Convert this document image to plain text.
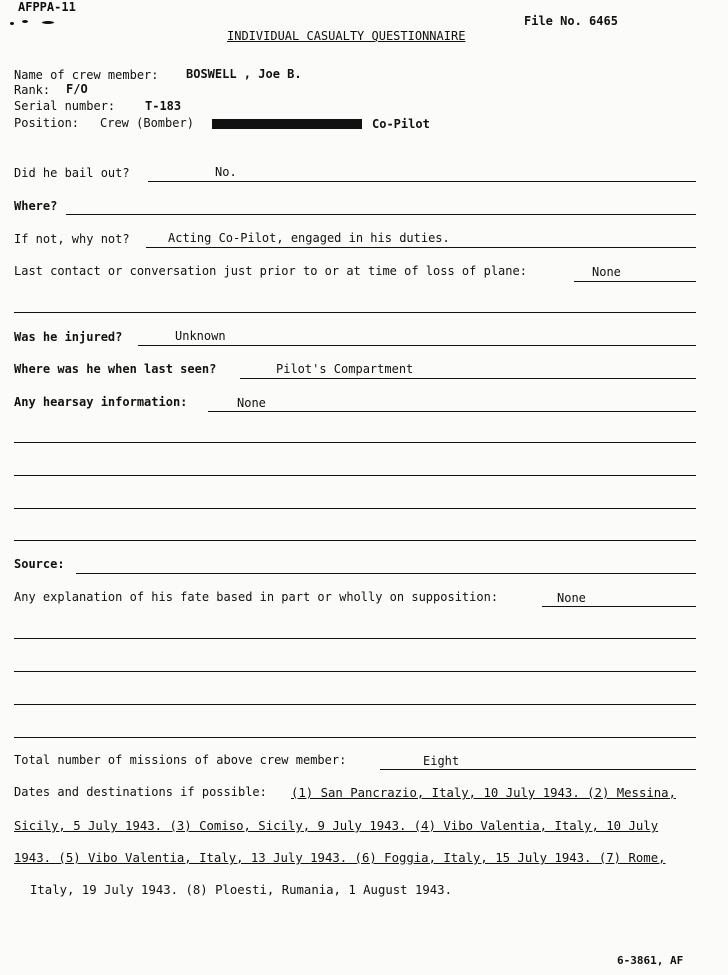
AFPPA-11
File No. 6465
INDIVIDUAL CASUALTY QUESTIONNAIRE
Name of crew member: BOSWELL , Joe B.
Rank: F/O
Serial number: T-183
Position: Crew (Bomber)	Co-Pilot
Did he bail out?	No.
Where?
If not, why not?	Acting Co-Pilot, engaged in his duties.
Last contact or conversation just prior to or at time of loss of plane:	None
Was he injured?	Unknown
Where was he when last seen?	Pilot's Compartment
Any hearsay information:	None
Source:
Any explanation of his fate based in part or wholly on supposition:	None
Total number of missions of above crew member:	Eight
Dates and destinations if possible: (1) San Pancrazio, Italy, 10 July 1943. (2) Messina,
Sicily, 5 July 1943. (3) Comiso, Sicily, 9 July 1943. (4) Vibo Valentia, Italy, 10 July
1943. (5) Vibo Valentia, Italy, 13 July 1943. (6) Foggia, Italy, 15 July 1943. (7) Rome,
Italy, 19 July 1943. (8) Ploesti, Rumania, 1 August 1943.
6-3861, AF
